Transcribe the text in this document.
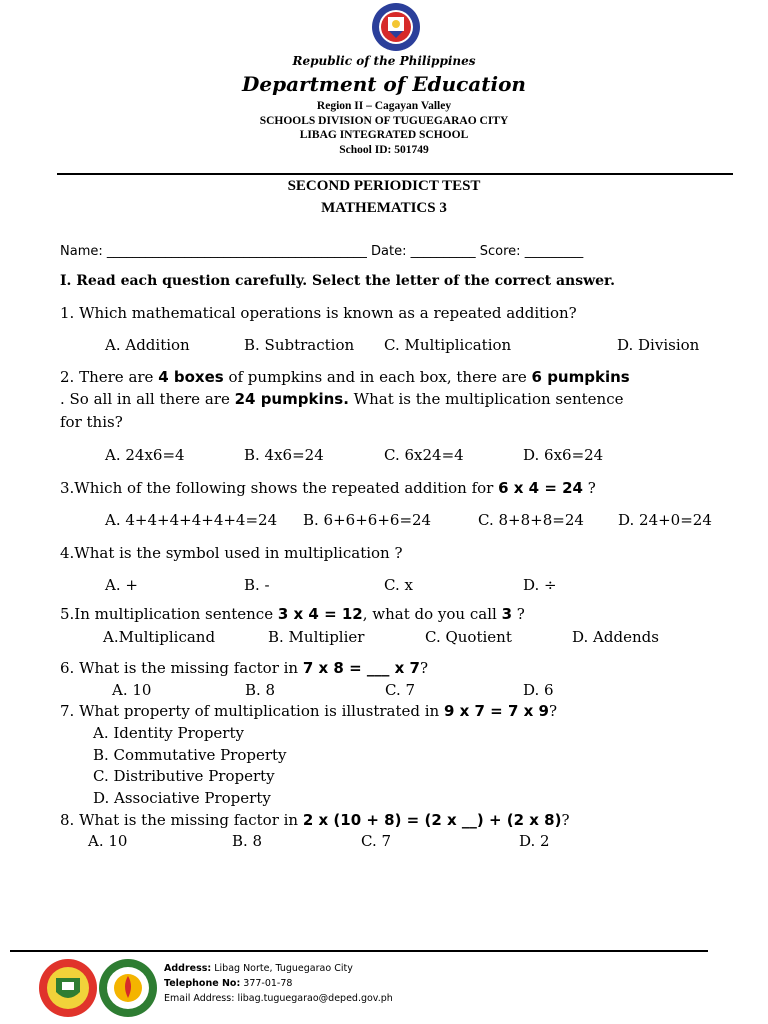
Republic of the Philippines
Department of Education
Region II – Cagayan Valley
SCHOOLS DIVISION OF TUGUEGARAO CITY
LIBAG INTEGRATED SCHOOL
School ID: 501749
SECOND PERIODICT TEST
MATHEMATICS 3
Name: ________________________________________ Date: __________ Score: _________
I. Read each question carefully. Select the letter of the correct answer.
1. Which mathematical operations is known as a repeated addition?
A. Addition	B. Subtraction C. Multiplication	D. Division
2. There are 4 boxes of pumpkins and in each box, there are 6 pumpkins
. So all in all there are 24 pumpkins. What is the multiplication sentence
for this?
A. 24x6=4	B. 4x6=24	C. 6x24=4	D. 6x6=24
3.Which of the following shows the repeated addition for 6 x 4 = 24 ?
A. 4+4+4+4+4+4=24 B. 6+6+6+6=24	C. 8+8+8=24 D. 24+0=24
4.What is the symbol used in multiplication ?
A. +	B. -	C. x	D. ÷
5.In multiplication sentence 3 x 4 = 12, what do you call 3 ?
A.Multiplicand	B. Multiplier	C. Quotient	D. Addends
6. What is the missing factor in 7 x 8 = ___ x 7?
A. 10	B. 8	C. 7	D. 6
7. What property of multiplication is illustrated in 9 x 7 = 7 x 9?
A. Identity Property
B. Commutative Property
C. Distributive Property
D. Associative Property
8. What is the missing factor in 2 x (10 + 8) = (2 x __) + (2 x 8)?
A. 10	B. 8	C. 7	D. 2
Address: Libag Norte, Tuguegarao City
Telephone No: 377-01-78
Email Address: libag.tuguegarao@deped.gov.ph
